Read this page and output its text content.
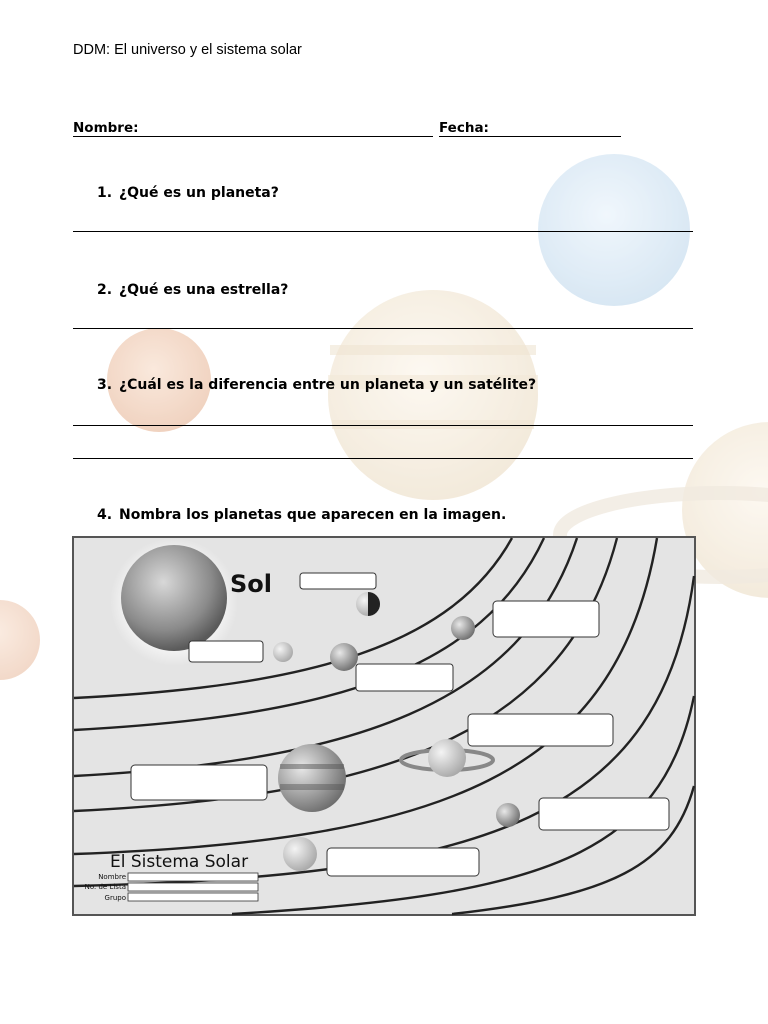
DDM: El universo y el sistema solar
Nombre:	Fecha:
1. ¿Qué es un planeta?
2. ¿Qué es una estrella?
3. ¿Cuál es la diferencia entre un planeta y un satélite?
4. Nombra los planetas que aparecen en la imagen.
Sol
El Sistema Solar
Nombre
No. de Lista
Grupo
